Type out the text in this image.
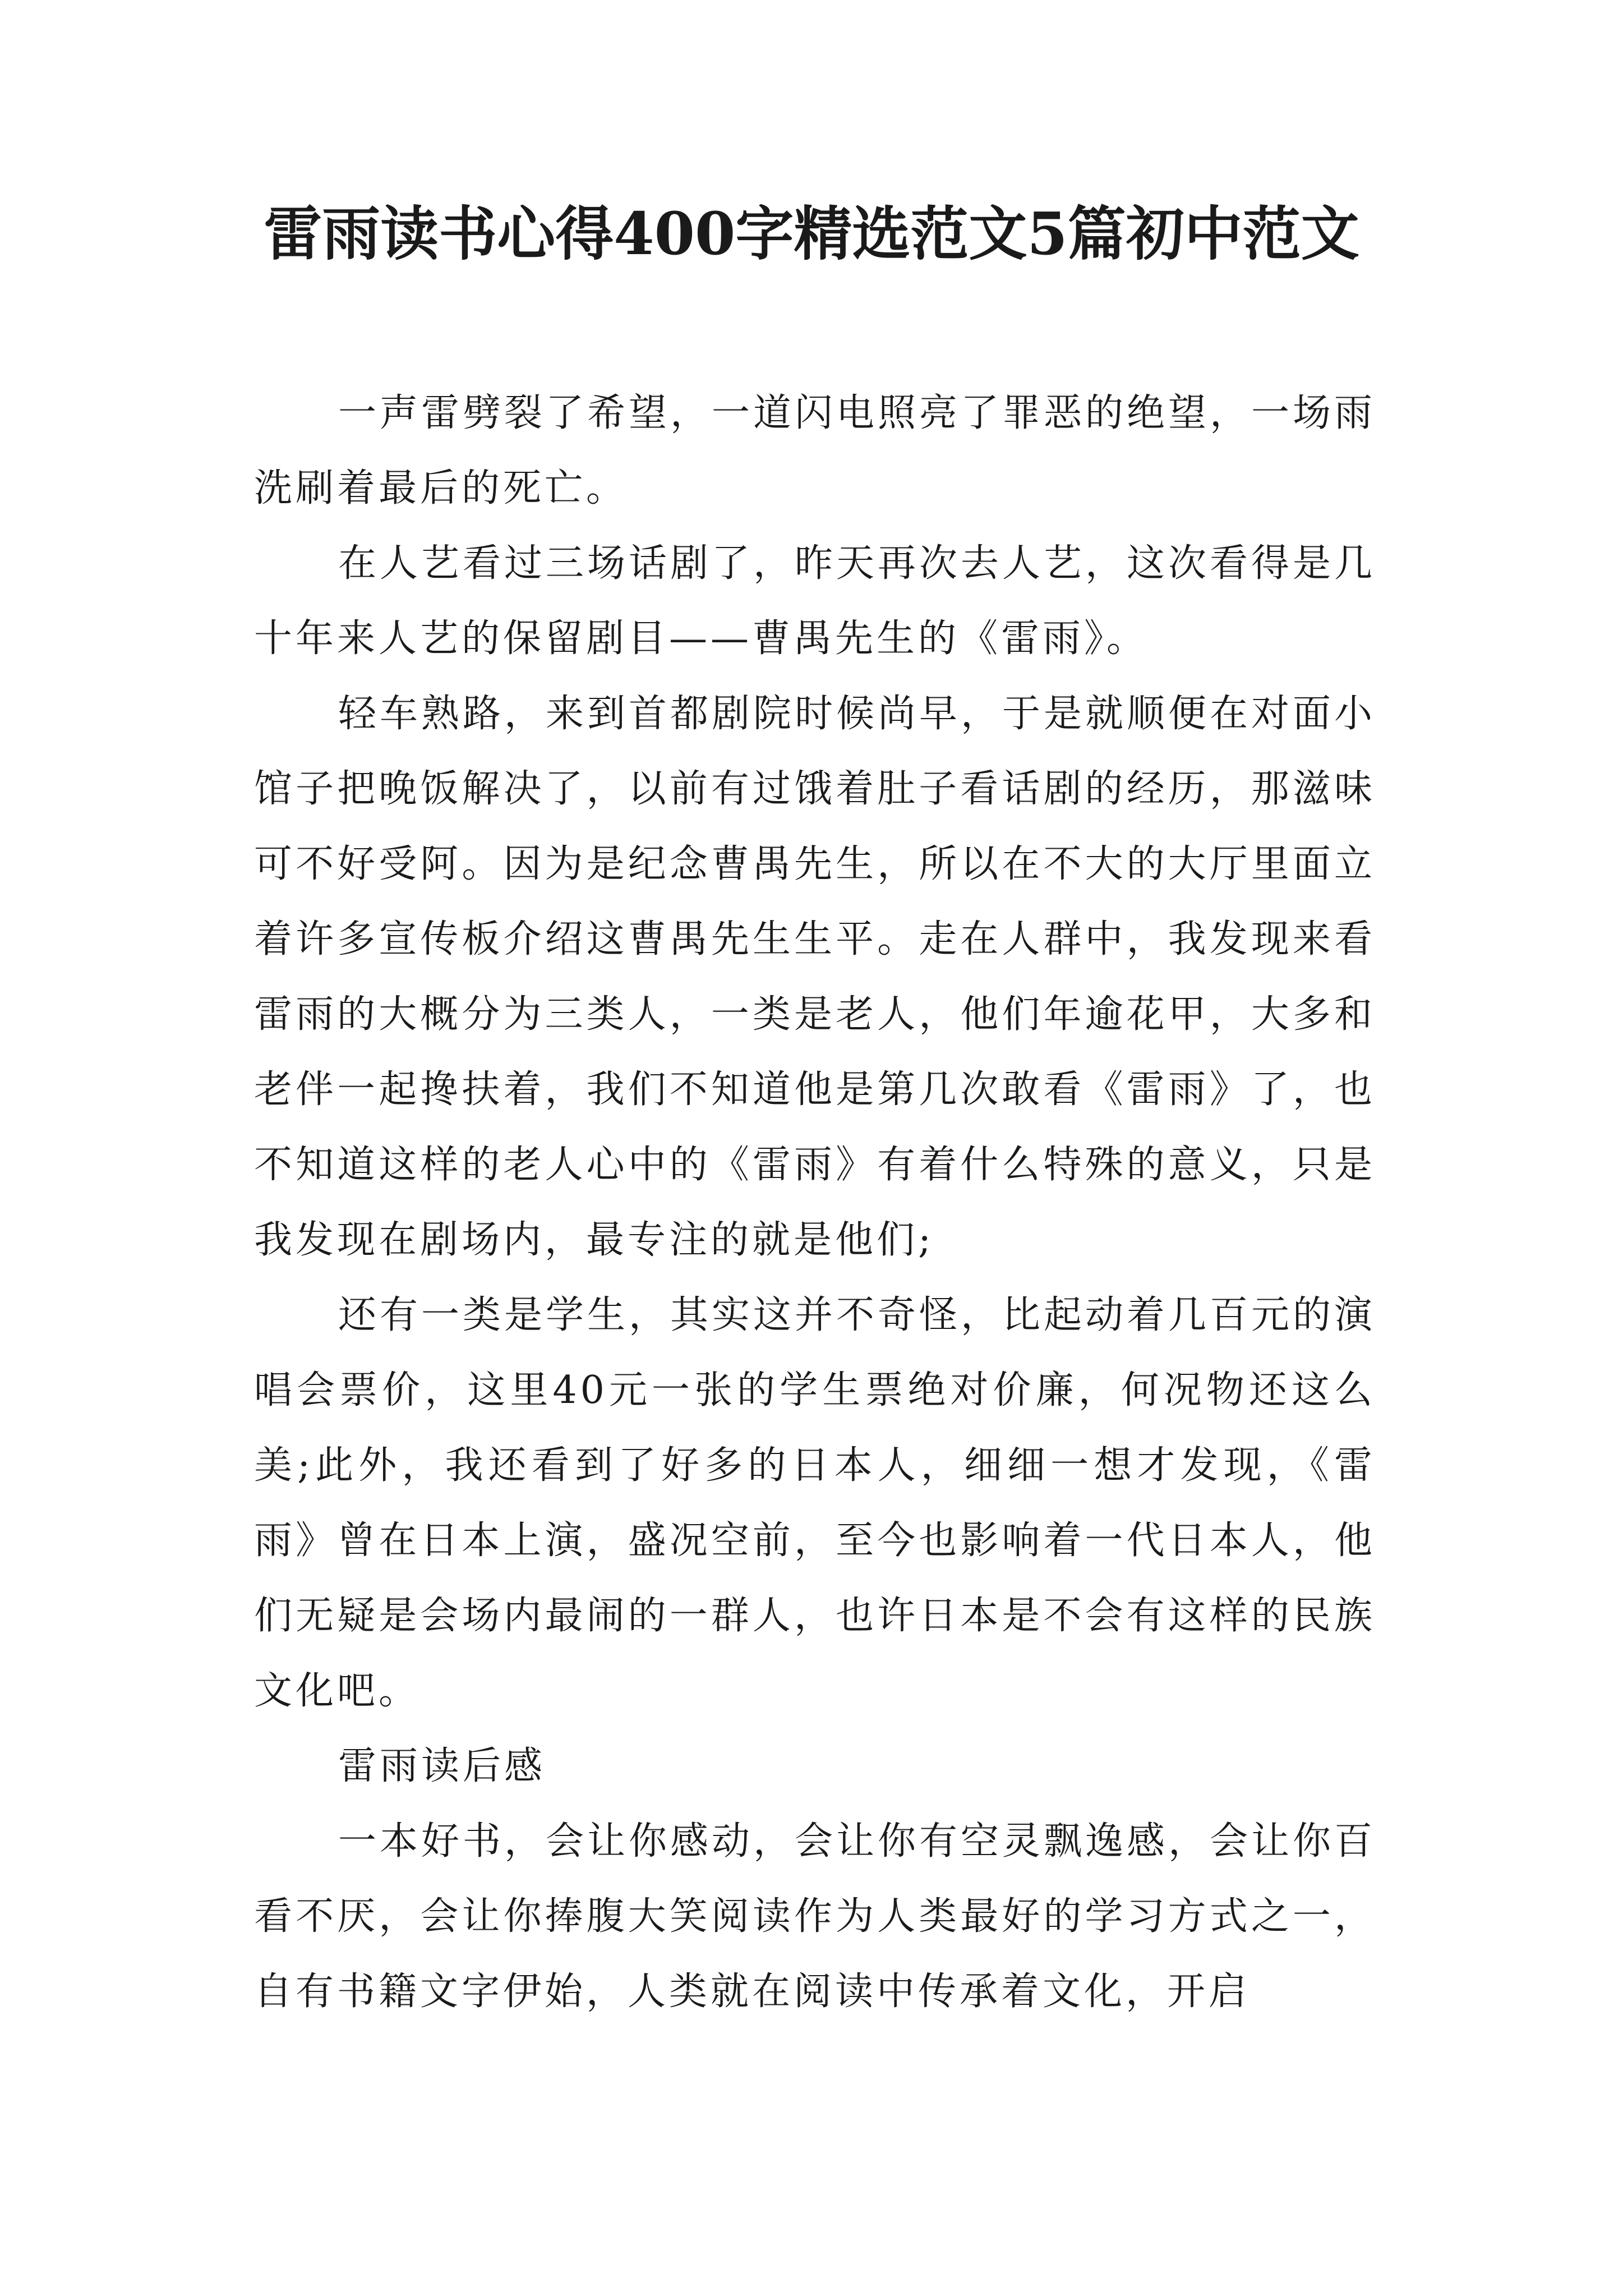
雷雨读书心得400字精选范文5篇初中范文

一声雷劈裂了希望，一道闪电照亮了罪恶的绝望，一场雨洗刷着最后的死亡。

在人艺看过三场话剧了，昨天再次去人艺，这次看得是几十年来人艺的保留剧目——曹禺先生的《雷雨》。

轻车熟路，来到首都剧院时候尚早，于是就顺便在对面小馆子把晚饭解决了，以前有过饿着肚子看话剧的经历，那滋味可不好受阿。因为是纪念曹禺先生，所以在不大的大厅里面立着许多宣传板介绍这曹禺先生生平。走在人群中，我发现来看雷雨的大概分为三类人，一类是老人，他们年逾花甲，大多和老伴一起搀扶着，我们不知道他是第几次敢看《雷雨》了，也不知道这样的老人心中的《雷雨》有着什么特殊的意义，只是我发现在剧场内，最专注的就是他们;

还有一类是学生，其实这并不奇怪，比起动着几百元的演唱会票价，这里40元一张的学生票绝对价廉，何况物还这么美;此外，我还看到了好多的日本人，细细一想才发现，《雷雨》曾在日本上演，盛况空前，至今也影响着一代日本人，他们无疑是会场内最闹的一群人，也许日本是不会有这样的民族文化吧。

雷雨读后感

一本好书，会让你感动，会让你有空灵飘逸感，会让你百看不厌，会让你捧腹大笑阅读作为人类最好的学习方式之一，自有书籍文字伊始，人类就在阅读中传承着文化，开启
